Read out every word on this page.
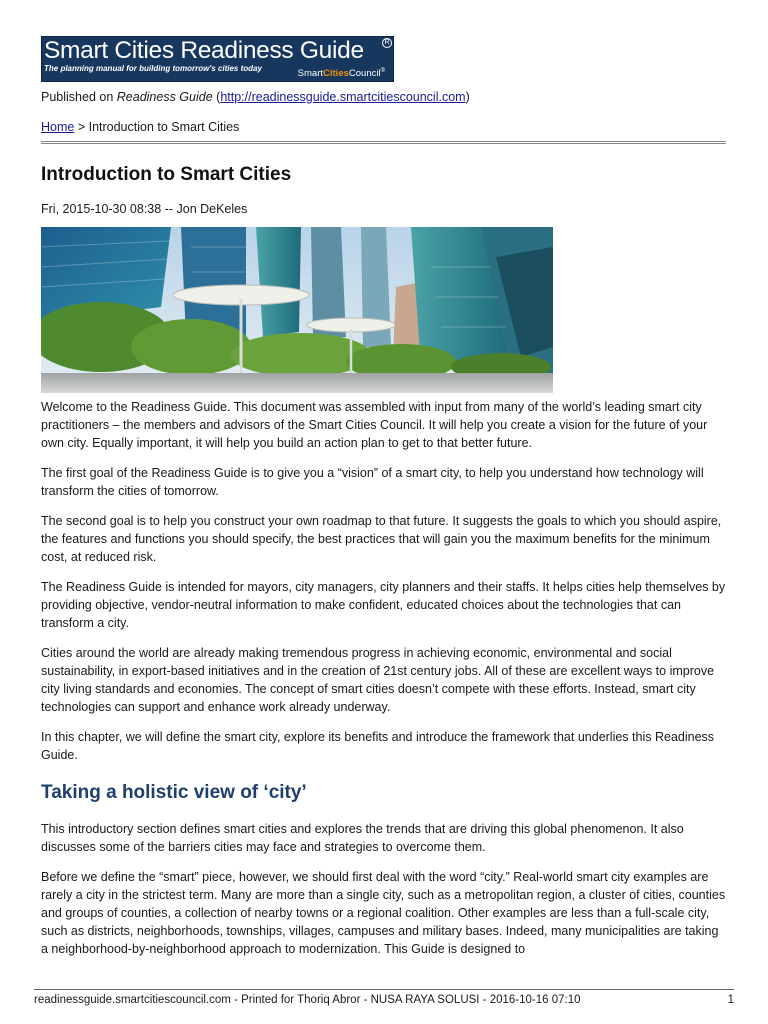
Smart Cities Readiness Guide	R
The planning manual for building tomorrow's cities today	SmartCitiesCouncil®
Published on Readiness Guide (http://readinessguide.smartcitiescouncil.com)
Home > Introduction to Smart Cities
Introduction to Smart Cities
Fri, 2015-10-30 08:38 -- Jon DeKeles

Welcome to the Readiness Guide. This document was assembled with input from many of the world’s leading smart city practitioners – the members and advisors of the Smart Cities Council. It will help you create a vision for the future of your own city. Equally important, it will help you build an action plan to get to that better future.

The first goal of the Readiness Guide is to give you a “vision” of a smart city, to help you understand how technology will transform the cities of tomorrow.

The second goal is to help you construct your own roadmap to that future. It suggests the goals to which you should aspire, the features and functions you should specify, the best practices that will gain you the maximum benefits for the minimum cost, at reduced risk.

The Readiness Guide is intended for mayors, city managers, city planners and their staffs. It helps cities help themselves by providing objective, vendor-neutral information to make confident, educated choices about the technologies that can transform a city.

Cities around the world are already making tremendous progress in achieving economic, environmental and social sustainability, in export-based initiatives and in the creation of 21st century jobs. All of these are excellent ways to improve city living standards and economies. The concept of smart cities doesn’t compete with these efforts. Instead, smart city technologies can support and enhance work already underway.

In this chapter, we will define the smart city, explore its benefits and introduce the framework that underlies this Readiness Guide.

Taking a holistic view of ‘city’

This introductory section defines smart cities and explores the trends that are driving this global phenomenon. It also discusses some of the barriers cities may face and strategies to overcome them.

Before we define the “smart” piece, however, we should first deal with the word “city.” Real-world smart city examples are rarely a city in the strictest term. Many are more than a single city, such as a metropolitan region, a cluster of cities, counties and groups of counties, a collection of nearby towns or a regional coalition. Other examples are less than a full-scale city, such as districts, neighborhoods, townships, villages, campuses and military bases. Indeed, many municipalities are taking a neighborhood-by-neighborhood approach to modernization. This Guide is designed to

readinessguide.smartcitiescouncil.com - Printed for Thoriq Abror - NUSA RAYA SOLUSI - 2016-10-16 07:10	1
